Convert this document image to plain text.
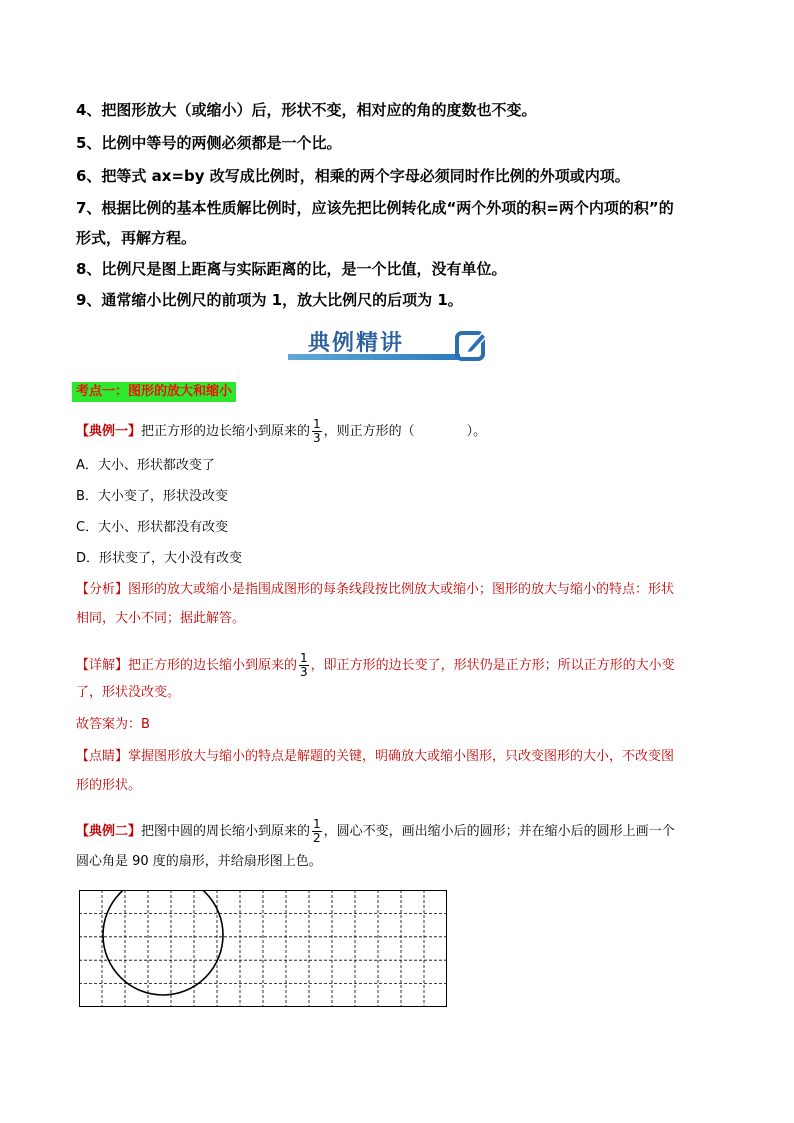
4、把图形放大（或缩小）后，形状不变，相对应的角的度数也不变。
5、比例中等号的两侧必须都是一个比。
6、把等式 ax=by 改写成比例时，相乘的两个字母必须同时作比例的外项或内项。
7、根据比例的基本性质解比例时，应该先把比例转化成“两个外项的积=两个内项的积”的
形式，再解方程。
8、比例尺是图上距离与实际距离的比，是一个比值，没有单位。
9、通常缩小比例尺的前项为 1，放大比例尺的后项为 1。
典例精讲
考点一：图形的放大和缩小
【典例一】把正方形的边长缩小到原来的 $\frac{1}{3}$ ，则正方形的（　　　　）。
A．大小、形状都改变了
B．大小变了，形状没改变
C．大小、形状都没有改变
D．形状变了，大小没有改变
【分析】图形的放大或缩小是指围成图形的每条线段按比例放大或缩小；图形的放大与缩小的特点：形状
相同，大小不同；据此解答。
【详解】把正方形的边长缩小到原来的 $\frac{1}{3}$ ，即正方形的边长变了，形状仍是正方形；所以正方形的大小变
了，形状没改变。
故答案为：B
【点睛】掌握图形放大与缩小的特点是解题的关键，明确放大或缩小图形，只改变图形的大小，不改变图
形的形状。
【典例二】把图中圆的周长缩小到原来的 $\frac{1}{2}$ ，圆心不变，画出缩小后的圆形；并在缩小后的圆形上画一个
圆心角是 90 度的扇形，并给扇形图上色。
